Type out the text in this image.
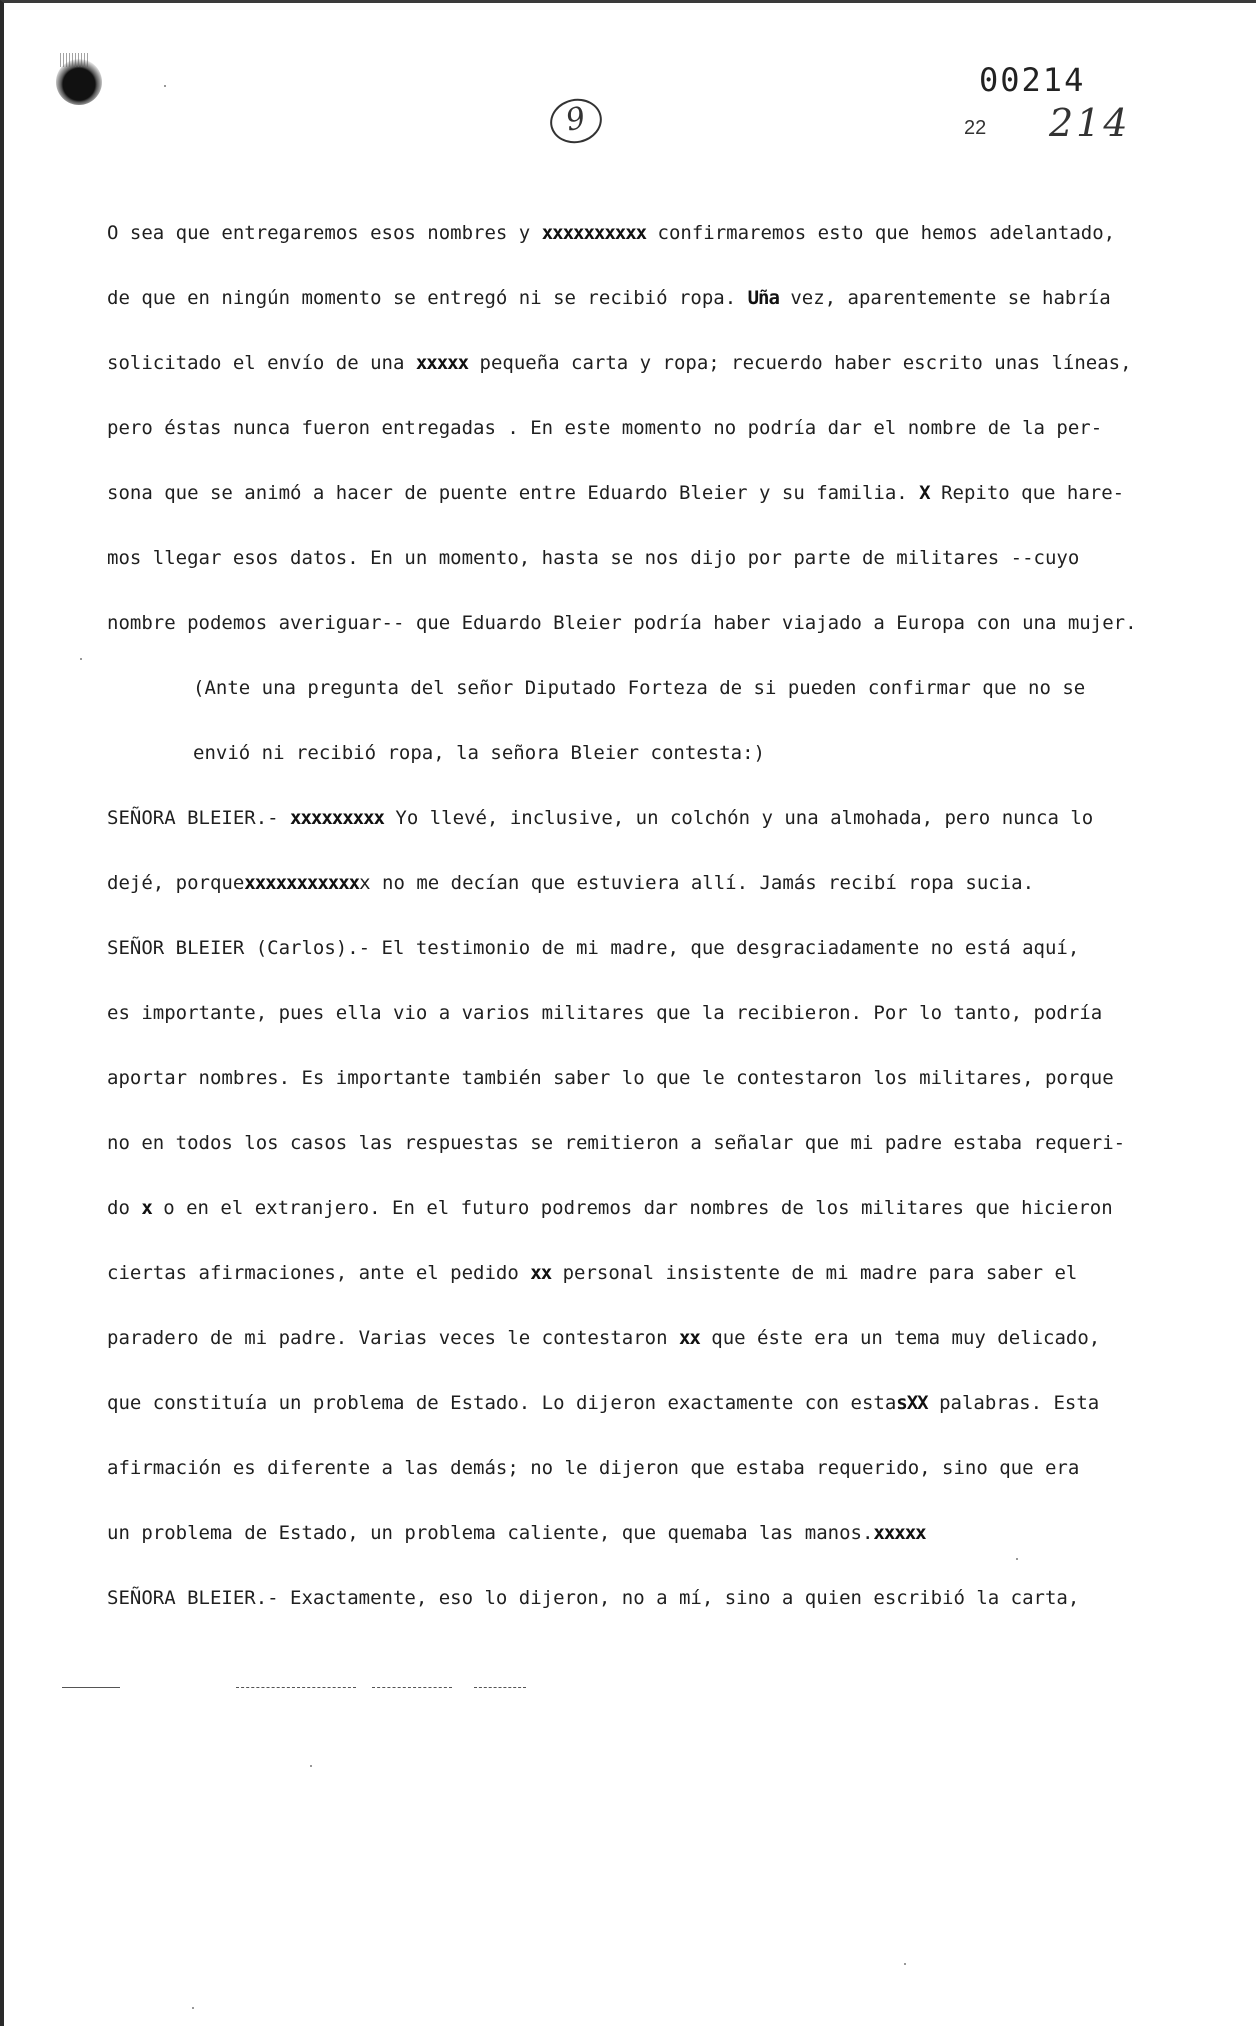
9
00214
22 214
O sea que entregaremos esos nombres y xxxxxxxxxx confirmaremos esto que hemos adelantado,
de que en ningún momento se entregó ni se recibió ropa. Uña vez, aparentemente se habría
solicitado el envío de una xxxxx pequeña carta y ropa; recuerdo haber escrito unas líneas,
pero éstas nunca fueron entregadas . En este momento no podría dar el nombre de la per-
sona que se animó a hacer de puente entre Eduardo Bleier y su familia. X Repito que hare-
mos llegar esos datos. En un momento, hasta se nos dijo por parte de militares --cuyo
nombre podemos averiguar-- que Eduardo Bleier podría haber viajado a Europa con una mujer.
(Ante una pregunta del señor Diputado Forteza de si pueden confirmar que no se
envió ni recibió ropa, la señora Bleier contesta:)
SEÑORA BLEIER.- xxxxxxxxx Yo llevé, inclusive, un colchón y una almohada, pero nunca lo
dejé, porquexxxxxxxxxxxx no me decían que estuviera allí. Jamás recibí ropa sucia.
SEÑOR BLEIER (Carlos).- El testimonio de mi madre, que desgraciadamente no está aquí,
es importante, pues ella vio a varios militares que la recibieron. Por lo tanto, podría
aportar nombres. Es importante también saber lo que le contestaron los militares, porque
no en todos los casos las respuestas se remitieron a señalar que mi padre estaba requeri-
do x o en el extranjero. En el futuro podremos dar nombres de los militares que hicieron
ciertas afirmaciones, ante el pedido xx personal insistente de mi madre para saber el
paradero de mi padre. Varias veces le contestaron xx que éste era un tema muy delicado,
que constituía un problema de Estado. Lo dijeron exactamente con estasXX palabras. Esta
afirmación es diferente a las demás; no le dijeron que estaba requerido, sino que era
un problema de Estado, un problema caliente, que quemaba las manos.xxxxx
SEÑORA BLEIER.- Exactamente, eso lo dijeron, no a mí, sino a quien escribió la carta,
